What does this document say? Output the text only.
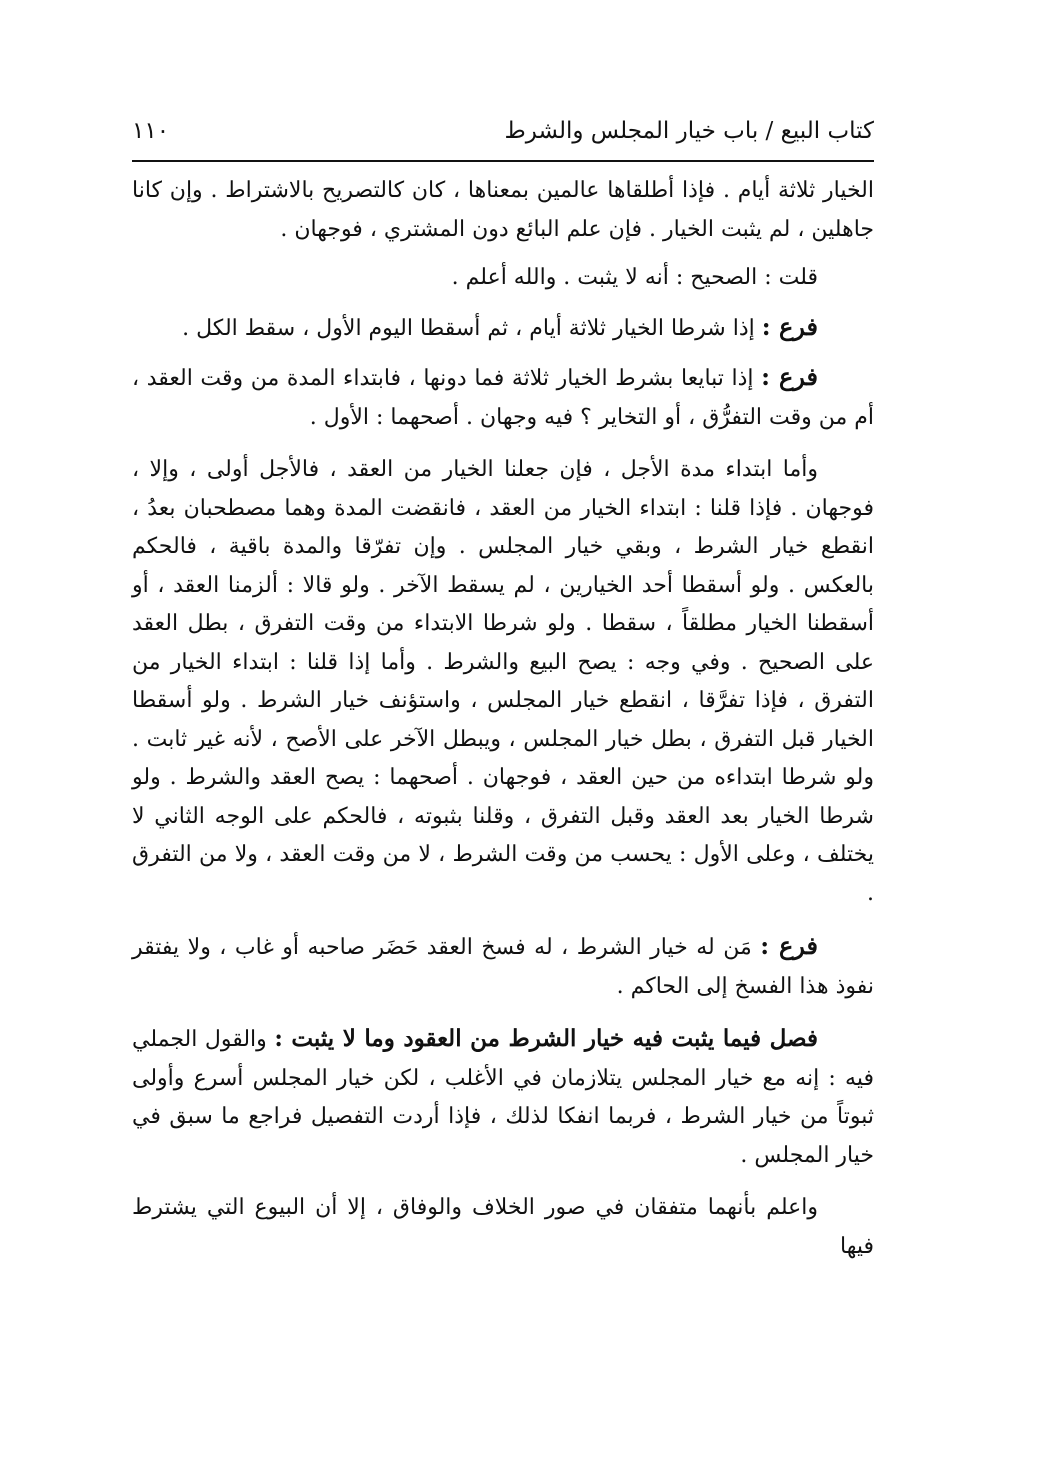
كتاب البيع / باب خيار المجلس والشرط
١١٠

الخيار ثلاثة أيام . فإذا أطلقاها عالمين بمعناها ، كان كالتصريح بالاشتراط . وإن كانا جاهلين ، لم يثبت الخيار . فإن علم البائع دون المشتري ، فوجهان .

قلت : الصحيح : أنه لا يثبت . والله أعلم .

فرع : إذا شرطا الخيار ثلاثة أيام ، ثم أسقطا اليوم الأول ، سقط الكل .

فرع : إذا تبايعا بشرط الخيار ثلاثة فما دونها ، فابتداء المدة من وقت العقد ، أم من وقت التفرُّق ، أو التخاير ؟ فيه وجهان . أصحهما : الأول .

وأما ابتداء مدة الأجل ، فإن جعلنا الخيار من العقد ، فالأجل أولى ، وإلا ، فوجهان . فإذا قلنا : ابتداء الخيار من العقد ، فانقضت المدة وهما مصطحبان بعدُ ، انقطع خيار الشرط ، وبقي خيار المجلس . وإن تفرّقا والمدة باقية ، فالحكم بالعكس . ولو أسقطا أحد الخيارين ، لم يسقط الآخر . ولو قالا : ألزمنا العقد ، أو أسقطنا الخيار مطلقاً ، سقطا . ولو شرطا الابتداء من وقت التفرق ، بطل العقد على الصحيح . وفي وجه : يصح البيع والشرط . وأما إذا قلنا : ابتداء الخيار من التفرق ، فإذا تفرَّقا ، انقطع خيار المجلس ، واستؤنف خيار الشرط . ولو أسقطا الخيار قبل التفرق ، بطل خيار المجلس ، ويبطل الآخر على الأصح ، لأنه غير ثابت . ولو شرطا ابتداءه من حين العقد ، فوجهان . أصحهما : يصح العقد والشرط . ولو شرطا الخيار بعد العقد وقبل التفرق ، وقلنا بثبوته ، فالحكم على الوجه الثاني لا يختلف ، وعلى الأول : يحسب من وقت الشرط ، لا من وقت العقد ، ولا من التفرق .

فرع : مَن له خيار الشرط ، له فسخ العقد حَضَر صاحبه أو غاب ، ولا يفتقر نفوذ هذا الفسخ إلى الحاكم .

فصل فيما يثبت فيه خيار الشرط من العقود وما لا يثبت : والقول الجملي فيه : إنه مع خيار المجلس يتلازمان في الأغلب ، لكن خيار المجلس أسرع وأولى ثبوتاً من خيار الشرط ، فربما انفكا لذلك ، فإذا أردت التفصيل فراجع ما سبق في خيار المجلس .

واعلم بأنهما متفقان في صور الخلاف والوفاق ، إلا أن البيوع التي يشترط فيها
